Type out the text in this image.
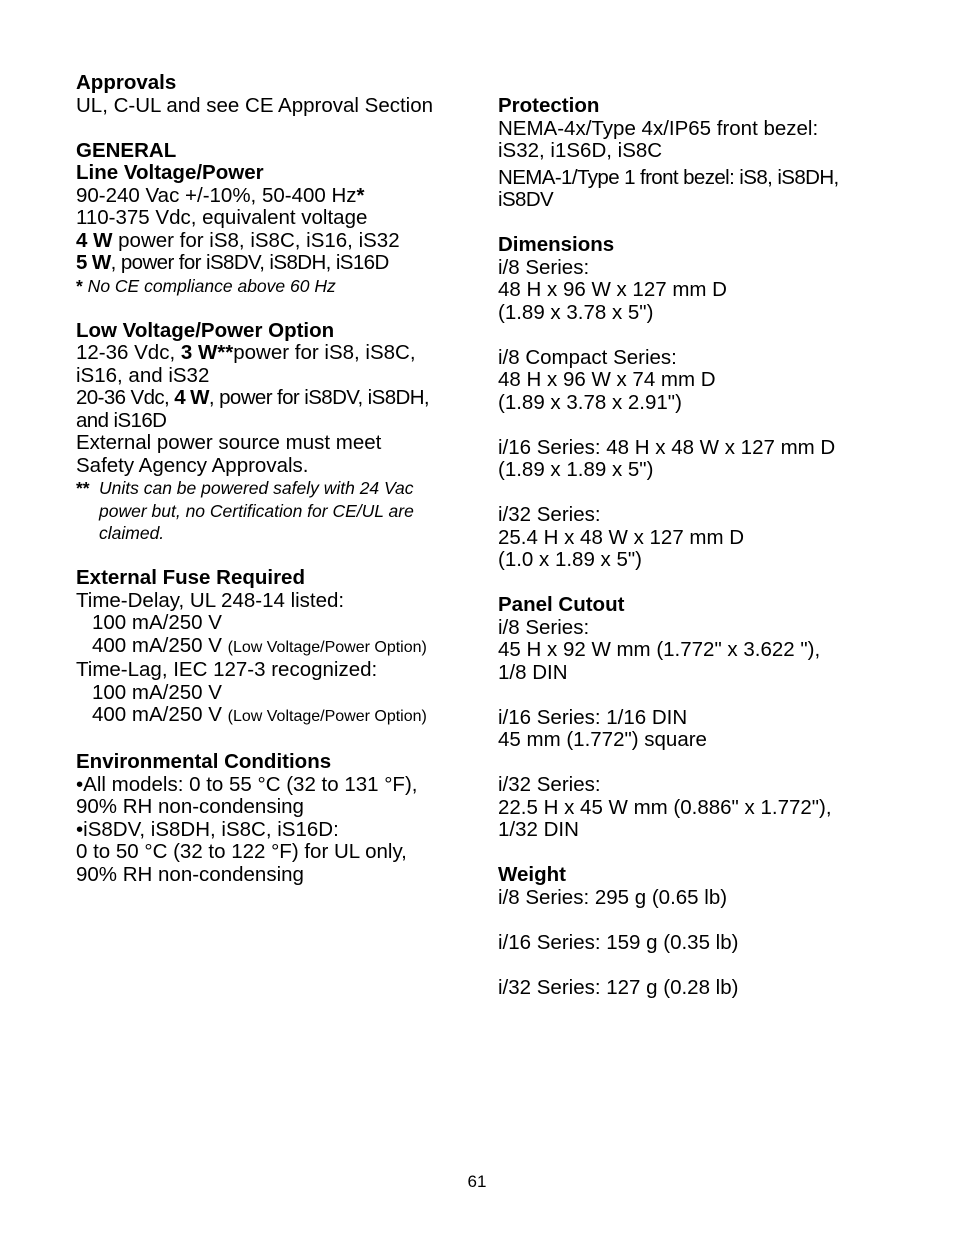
Approvals
UL, C-UL and see CE Approval Section
GENERAL
Line Voltage/Power
90-240 Vac +/-10%, 50-400 Hz*
110-375 Vdc, equivalent voltage
4 W power for iS8, iS8C, iS16, iS32
5 W, power for iS8DV, iS8DH, iS16D
* No CE compliance above 60 Hz
Low Voltage/Power Option
12-36 Vdc, 3 W**power for iS8, iS8C,
iS16, and iS32
20-36 Vdc, 4 W, power for iS8DV, iS8DH,
and iS16D
External power source must meet
Safety Agency Approvals.
** Units can be powered safely with 24 Vac
power but, no Certification for CE/UL are
claimed.
External Fuse Required
Time-Delay, UL 248-14 listed:
100 mA/250 V
400 mA/250 V (Low Voltage/Power Option)
Time-Lag, IEC 127-3 recognized:
100 mA/250 V
400 mA/250 V (Low Voltage/Power Option)
Environmental Conditions
•All models: 0 to 55 °C (32 to 131 °F),
90% RH non-condensing
•iS8DV, iS8DH, iS8C, iS16D:
0 to 50 °C (32 to 122 °F) for UL only,
90% RH non-condensing
Protection
NEMA-4x/Type 4x/IP65 front bezel:
iS32, i1S6D, iS8C
NEMA-1/Type 1 front bezel: iS8, iS8DH,
iS8DV
Dimensions
i/8 Series:
48 H x 96 W x 127 mm D
(1.89 x 3.78 x 5")
i/8 Compact Series:
48 H x 96 W x 74 mm D
(1.89 x 3.78 x 2.91")
i/16 Series: 48 H x 48 W x 127 mm D
(1.89 x 1.89 x 5")
i/32 Series:
25.4 H x 48 W x 127 mm D
(1.0 x 1.89 x 5")
Panel Cutout
i/8 Series:
45 H x 92 W mm (1.772" x 3.622 "),
1/8 DIN
i/16 Series: 1/16 DIN
45 mm (1.772") square
i/32 Series:
22.5 H x 45 W mm (0.886" x 1.772"),
1/32 DIN
Weight
i/8 Series: 295 g (0.65 lb)
i/16 Series: 159 g (0.35 lb)
i/32 Series: 127 g (0.28 lb)
61
